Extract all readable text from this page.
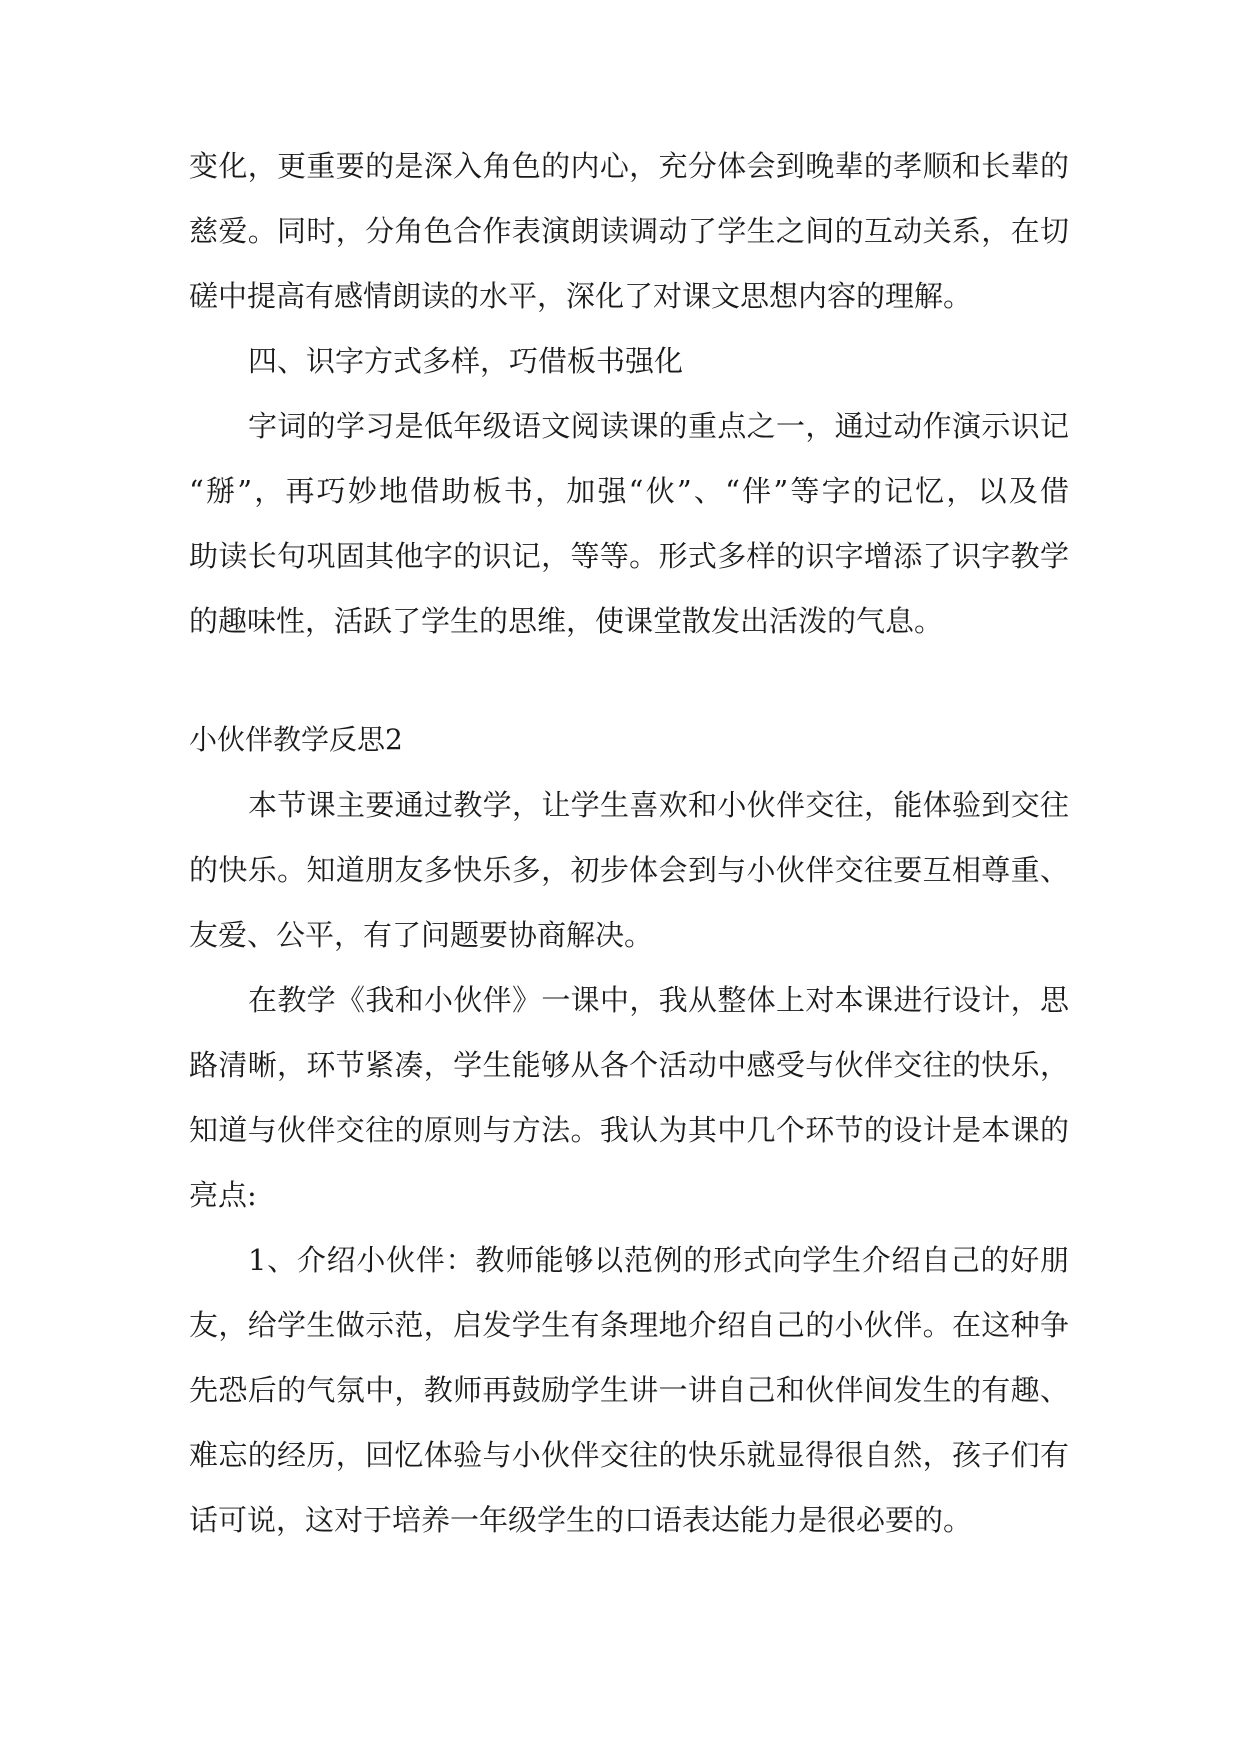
变化，更重要的是深入角色的内心，充分体会到晚辈的孝顺和长辈的
慈爱。同时，分角色合作表演朗读调动了学生之间的互动关系，在切
磋中提高有感情朗读的水平，深化了对课文思想内容的理解。
四、识字方式多样，巧借板书强化
字词的学习是低年级语文阅读课的重点之一，通过动作演示识记
“掰”，再巧妙地借助板书，加强“伙”、“伴”等字的记忆，以及借
助读长句巩固其他字的识记，等等。形式多样的识字增添了识字教学
的趣味性，活跃了学生的思维，使课堂散发出活泼的气息。
小伙伴教学反思2
本节课主要通过教学，让学生喜欢和小伙伴交往，能体验到交往
的快乐。知道朋友多快乐多，初步体会到与小伙伴交往要互相尊重、
友爱、公平，有了问题要协商解决。
在教学《我和小伙伴》一课中，我从整体上对本课进行设计，思
路清晰，环节紧凑，学生能够从各个活动中感受与伙伴交往的快乐，
知道与伙伴交往的原则与方法。我认为其中几个环节的设计是本课的
亮点:
1、介绍小伙伴：教师能够以范例的形式向学生介绍自己的好朋
友，给学生做示范，启发学生有条理地介绍自己的小伙伴。在这种争
先恐后的气氛中，教师再鼓励学生讲一讲自己和伙伴间发生的有趣、
难忘的经历，回忆体验与小伙伴交往的快乐就显得很自然，孩子们有
话可说，这对于培养一年级学生的口语表达能力是很必要的。
